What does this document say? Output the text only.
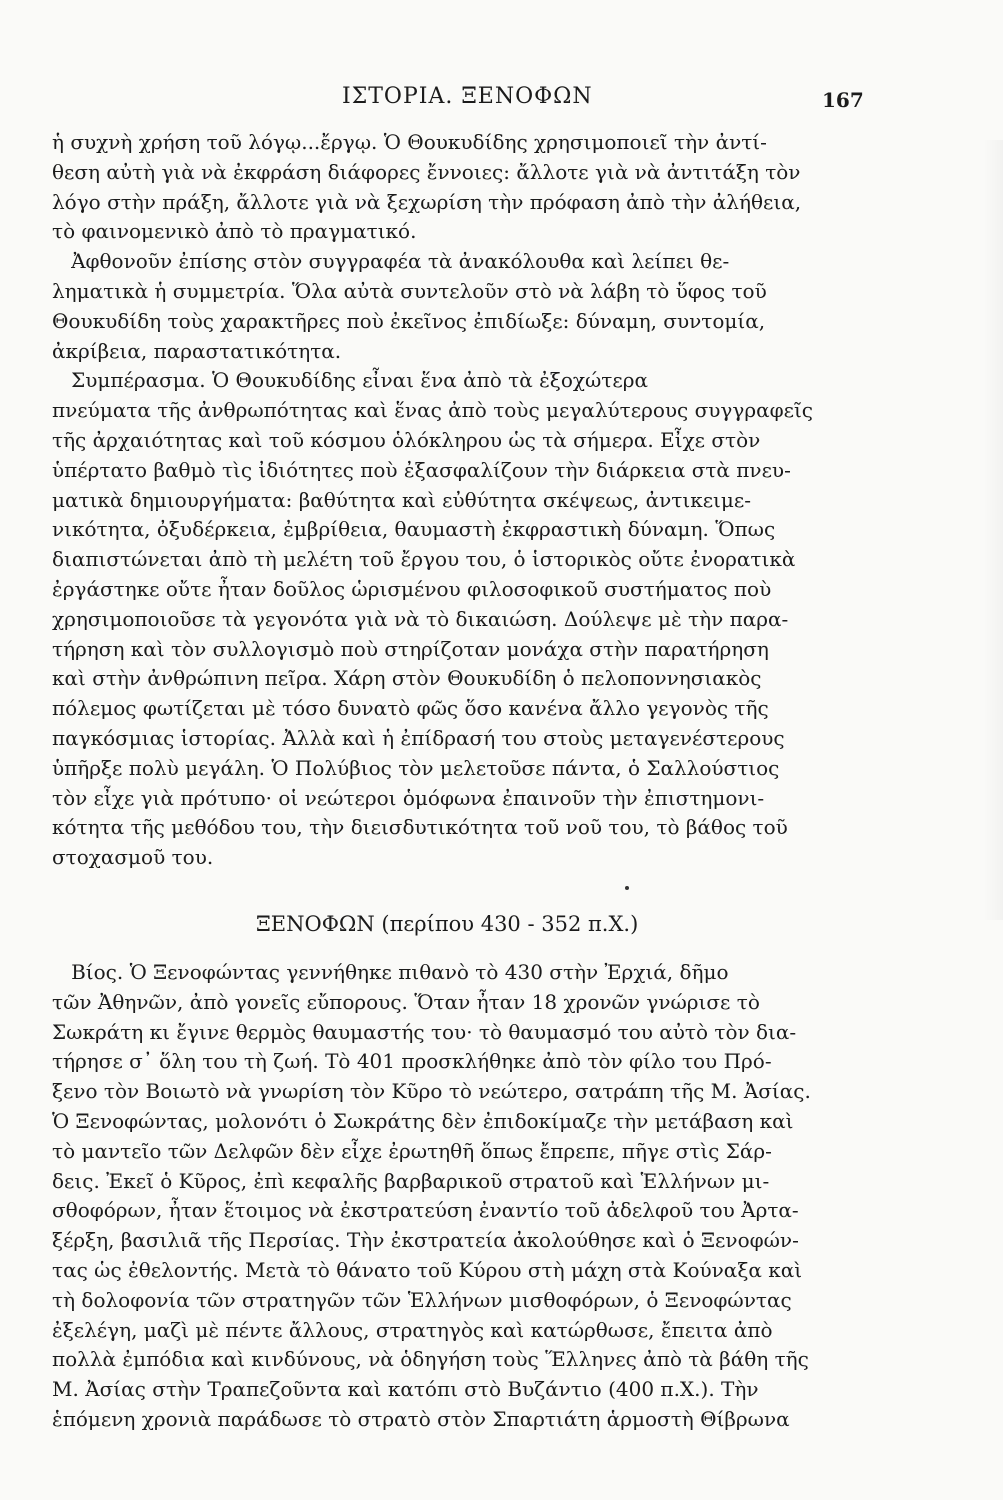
ΙΣΤΟΡΙΑ. ΞΕΝΟΦΩΝ	167
ἡ συχνὴ χρήση τοῦ λόγῳ...ἔργῳ. Ὁ Θουκυδίδης χρησιμοποιεῖ τὴν ἀντί-
θεση αὐτὴ γιὰ νὰ ἐκφράση διάφορες ἔννοιες: ἄλλοτε γιὰ νὰ ἀντιτάξη τὸν
λόγο στὴν πράξη, ἄλλοτε γιὰ νὰ ξεχωρίση τὴν πρόφαση ἀπὸ τὴν ἀλήθεια,
τὸ φαινομενικὸ ἀπὸ τὸ πραγματικό.
Ἀφθονοῦν ἐπίσης στὸν συγγραφέα τὰ ἀνακόλουθα καὶ λείπει θε-
ληματικὰ ἡ συμμετρία. Ὅλα αὐτὰ συντελοῦν στὸ νὰ λάβη τὸ ὕφος τοῦ
Θουκυδίδη τοὺς χαρακτῆρες ποὺ ἐκεῖνος ἐπιδίωξε: δύναμη, συντομία,
ἀκρίβεια, παραστατικότητα.
Συμπέρασμα. Ὁ Θουκυδίδης εἶναι ἕνα ἀπὸ τὰ ἐξοχώτερα
πνεύματα τῆς ἀνθρωπότητας καὶ ἕνας ἀπὸ τοὺς μεγαλύτερους συγγραφεῖς
τῆς ἀρχαιότητας καὶ τοῦ κόσμου ὁλόκληρου ὡς τὰ σήμερα. Εἶχε στὸν
ὑπέρτατο βαθμὸ τὶς ἰδιότητες ποὺ ἐξασφαλίζουν τὴν διάρκεια στὰ πνευ-
ματικὰ δημιουργήματα: βαθύτητα καὶ εὐθύτητα σκέψεως, ἀντικειμε-
νικότητα, ὀξυδέρκεια, ἐμβρίθεια, θαυμαστὴ ἐκφραστικὴ δύναμη. Ὅπως
διαπιστώνεται ἀπὸ τὴ μελέτη τοῦ ἔργου του, ὁ ἱστορικὸς οὔτε ἐνορατικὰ
ἐργάστηκε οὔτε ἦταν δοῦλος ὡρισμένου φιλοσοφικοῦ συστήματος ποὺ
χρησιμοποιοῦσε τὰ γεγονότα γιὰ νὰ τὸ δικαιώση. Δούλεψε μὲ τὴν παρα-
τήρηση καὶ τὸν συλλογισμὸ ποὺ στηρίζοταν μονάχα στὴν παρατήρηση
καὶ στὴν ἀνθρώπινη πεῖρα. Χάρη στὸν Θουκυδίδη ὁ πελοποννησιακὸς
πόλεμος φωτίζεται μὲ τόσο δυνατὸ φῶς ὅσο κανένα ἄλλο γεγονὸς τῆς
παγκόσμιας ἱστορίας. Ἀλλὰ καὶ ἡ ἐπίδρασή του στοὺς μεταγενέστερους
ὑπῆρξε πολὺ μεγάλη. Ὁ Πολύβιος τὸν μελετοῦσε πάντα, ὁ Σαλλούστιος
τὸν εἶχε γιὰ πρότυπο· οἱ νεώτεροι ὁμόφωνα ἐπαινοῦν τὴν ἐπιστημονι-
κότητα τῆς μεθόδου του, τὴν διεισδυτικότητα τοῦ νοῦ του, τὸ βάθος τοῦ
στοχασμοῦ του.
ΞΕΝΟΦΩΝ (περίπου 430 - 352 π.Χ.)
Βίος. Ὁ Ξενοφώντας γεννήθηκε πιθανὸ τὸ 430 στὴν Ἐρχιά, δῆμο
τῶν Ἀθηνῶν, ἀπὸ γονεῖς εὔπορους. Ὅταν ἦταν 18 χρονῶν γνώρισε τὸ
Σωκράτη κι ἔγινε θερμὸς θαυμαστής του· τὸ θαυμασμό του αὐτὸ τὸν δια-
τήρησε σ᾽ ὅλη του τὴ ζωή. Τὸ 401 προσκλήθηκε ἀπὸ τὸν φίλο του Πρό-
ξενο τὸν Βοιωτὸ νὰ γνωρίση τὸν Κῦρο τὸ νεώτερο, σατράπη τῆς Μ. Ἀσίας.
Ὁ Ξενοφώντας, μολονότι ὁ Σωκράτης δὲν ἐπιδοκίμαζε τὴν μετάβαση καὶ
τὸ μαντεῖο τῶν Δελφῶν δὲν εἶχε ἐρωτηθῆ ὅπως ἔπρεπε, πῆγε στὶς Σάρ-
δεις. Ἐκεῖ ὁ Κῦρος, ἐπὶ κεφαλῆς βαρβαρικοῦ στρατοῦ καὶ Ἑλλήνων μι-
σθοφόρων, ἦταν ἕτοιμος νὰ ἐκστρατεύση ἐναντίο τοῦ ἀδελφοῦ του Ἀρτα-
ξέρξη, βασιλιᾶ τῆς Περσίας. Τὴν ἐκστρατεία ἀκολούθησε καὶ ὁ Ξενοφών-
τας ὡς ἐθελοντής. Μετὰ τὸ θάνατο τοῦ Κύρου στὴ μάχη στὰ Κούναξα καὶ
τὴ δολοφονία τῶν στρατηγῶν τῶν Ἑλλήνων μισθοφόρων, ὁ Ξενοφώντας
ἐξελέγη, μαζὶ μὲ πέντε ἄλλους, στρατηγὸς καὶ κατώρθωσε, ἔπειτα ἀπὸ
πολλὰ ἐμπόδια καὶ κινδύνους, νὰ ὁδηγήση τοὺς Ἕλληνες ἀπὸ τὰ βάθη τῆς
Μ. Ἀσίας στὴν Τραπεζοῦντα καὶ κατόπι στὸ Βυζάντιο (400 π.Χ.). Τὴν
ἑπόμενη χρονιὰ παράδωσε τὸ στρατὸ στὸν Σπαρτιάτη ἁρμοστὴ Θίβρωνα
